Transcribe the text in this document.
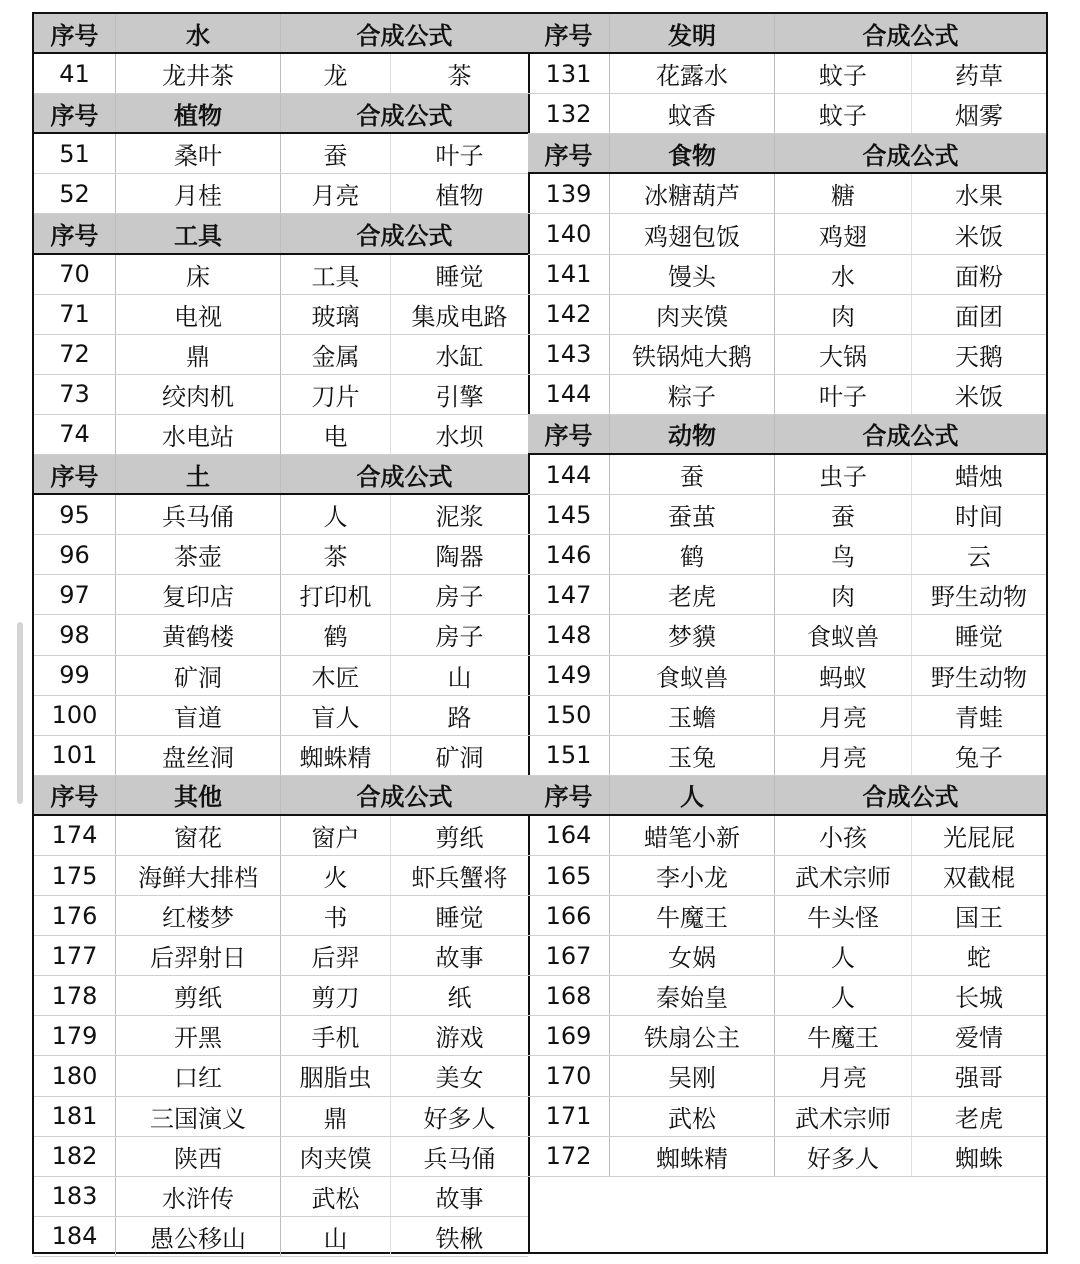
序号	水	合成公式
41	龙井茶	龙	茶
序号	植物	合成公式
51	桑叶	蚕	叶子
52	月桂	月亮	植物
序号	工具	合成公式
70	床	工具	睡觉
71	电视	玻璃	集成电路
72	鼎	金属	水缸
73	绞肉机	刀片	引擎
74	水电站	电	水坝
序号	土	合成公式
95	兵马俑	人	泥浆
96	茶壶	茶	陶器
97	复印店	打印机	房子
98	黄鹤楼	鹤	房子
99	矿洞	木匠	山
100	盲道	盲人	路
101	盘丝洞	蜘蛛精	矿洞
序号	其他	合成公式
174	窗花	窗户	剪纸
175	海鲜大排档	火	虾兵蟹将
176	红楼梦	书	睡觉
177	后羿射日	后羿	故事
178	剪纸	剪刀	纸
179	开黑	手机	游戏
180	口红	胭脂虫	美女
181	三国演义	鼎	好多人
182	陕西	肉夹馍	兵马俑
183	水浒传	武松	故事
184	愚公移山	山	铁楸
序号	发明	合成公式
131	花露水	蚊子	药草
132	蚊香	蚊子	烟雾
序号	食物	合成公式
139	冰糖葫芦	糖	水果
140	鸡翅包饭	鸡翅	米饭
141	馒头	水	面粉
142	肉夹馍	肉	面团
143	铁锅炖大鹅	大锅	天鹅
144	粽子	叶子	米饭
序号	动物	合成公式
144	蚕	虫子	蜡烛
145	蚕茧	蚕	时间
146	鹤	鸟	云
147	老虎	肉	野生动物
148	梦貘	食蚁兽	睡觉
149	食蚁兽	蚂蚁	野生动物
150	玉蟾	月亮	青蛙
151	玉兔	月亮	兔子
序号	人	合成公式
164	蜡笔小新	小孩	光屁屁
165	李小龙	武术宗师	双截棍
166	牛魔王	牛头怪	国王
167	女娲	人	蛇
168	秦始皇	人	长城
169	铁扇公主	牛魔王	爱情
170	吴刚	月亮	强哥
171	武松	武术宗师	老虎
172	蜘蛛精	好多人	蜘蛛
